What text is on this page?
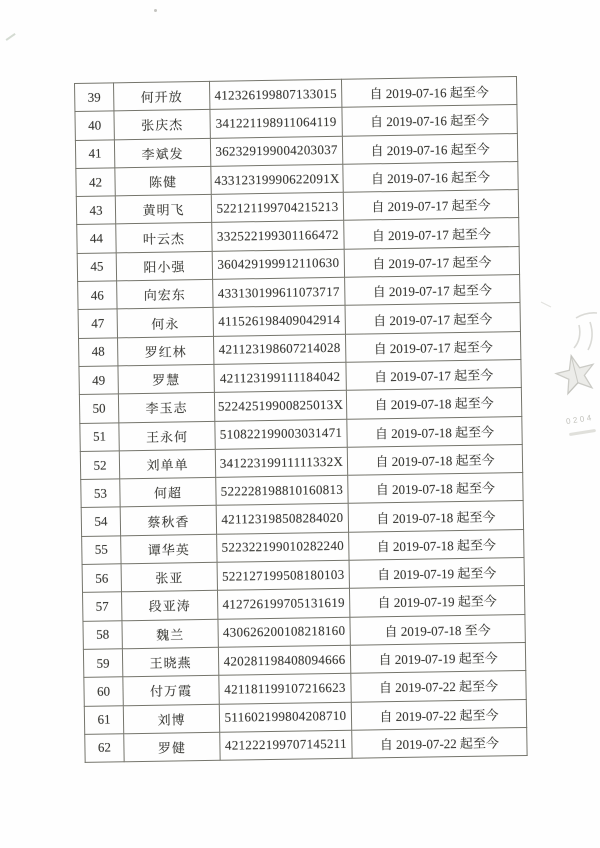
39	何开放	412326199807133015	自 2019-07-16 起至今
40	张庆杰	341221198911064119	自 2019-07-16 起至今
41	李斌发	362329199004203037	自 2019-07-16 起至今
42	陈健	43312319990622091X	自 2019-07-16 起至今
43	黄明飞	522121199704215213	自 2019-07-17 起至今
44	叶云杰	332522199301166472	自 2019-07-17 起至今
45	阳小强	360429199912110630	自 2019-07-17 起至今
46	向宏东	433130199611073717	自 2019-07-17 起至今
47	何永	411526198409042914	自 2019-07-17 起至今
48	罗红林	421123198607214028	自 2019-07-17 起至今
49	罗慧	421123199111184042	自 2019-07-17 起至今
50	李玉志	52242519900825013X	自 2019-07-18 起至今
51	王永何	510822199003031471	自 2019-07-18 起至今
52	刘单单	34122319911111332X	自 2019-07-18 起至今
53	何超	522228198810160813	自 2019-07-18 起至今
54	蔡秋香	421123198508284020	自 2019-07-18 起至今
55	谭华英	522322199010282240	自 2019-07-18 起至今
56	张亚	522127199508180103	自 2019-07-19 起至今
57	段亚涛	412726199705131619	自 2019-07-19 起至今
58	魏兰	430626200108218160	自 2019-07-18 至今
59	王晓燕	420281198408094666	自 2019-07-19 起至今
60	付万霞	421181199107216623	自 2019-07-22 起至今
61	刘博	511602199804208710	自 2019-07-22 起至今
62	罗健	421222199707145211	自 2019-07-22 起至今
0204
